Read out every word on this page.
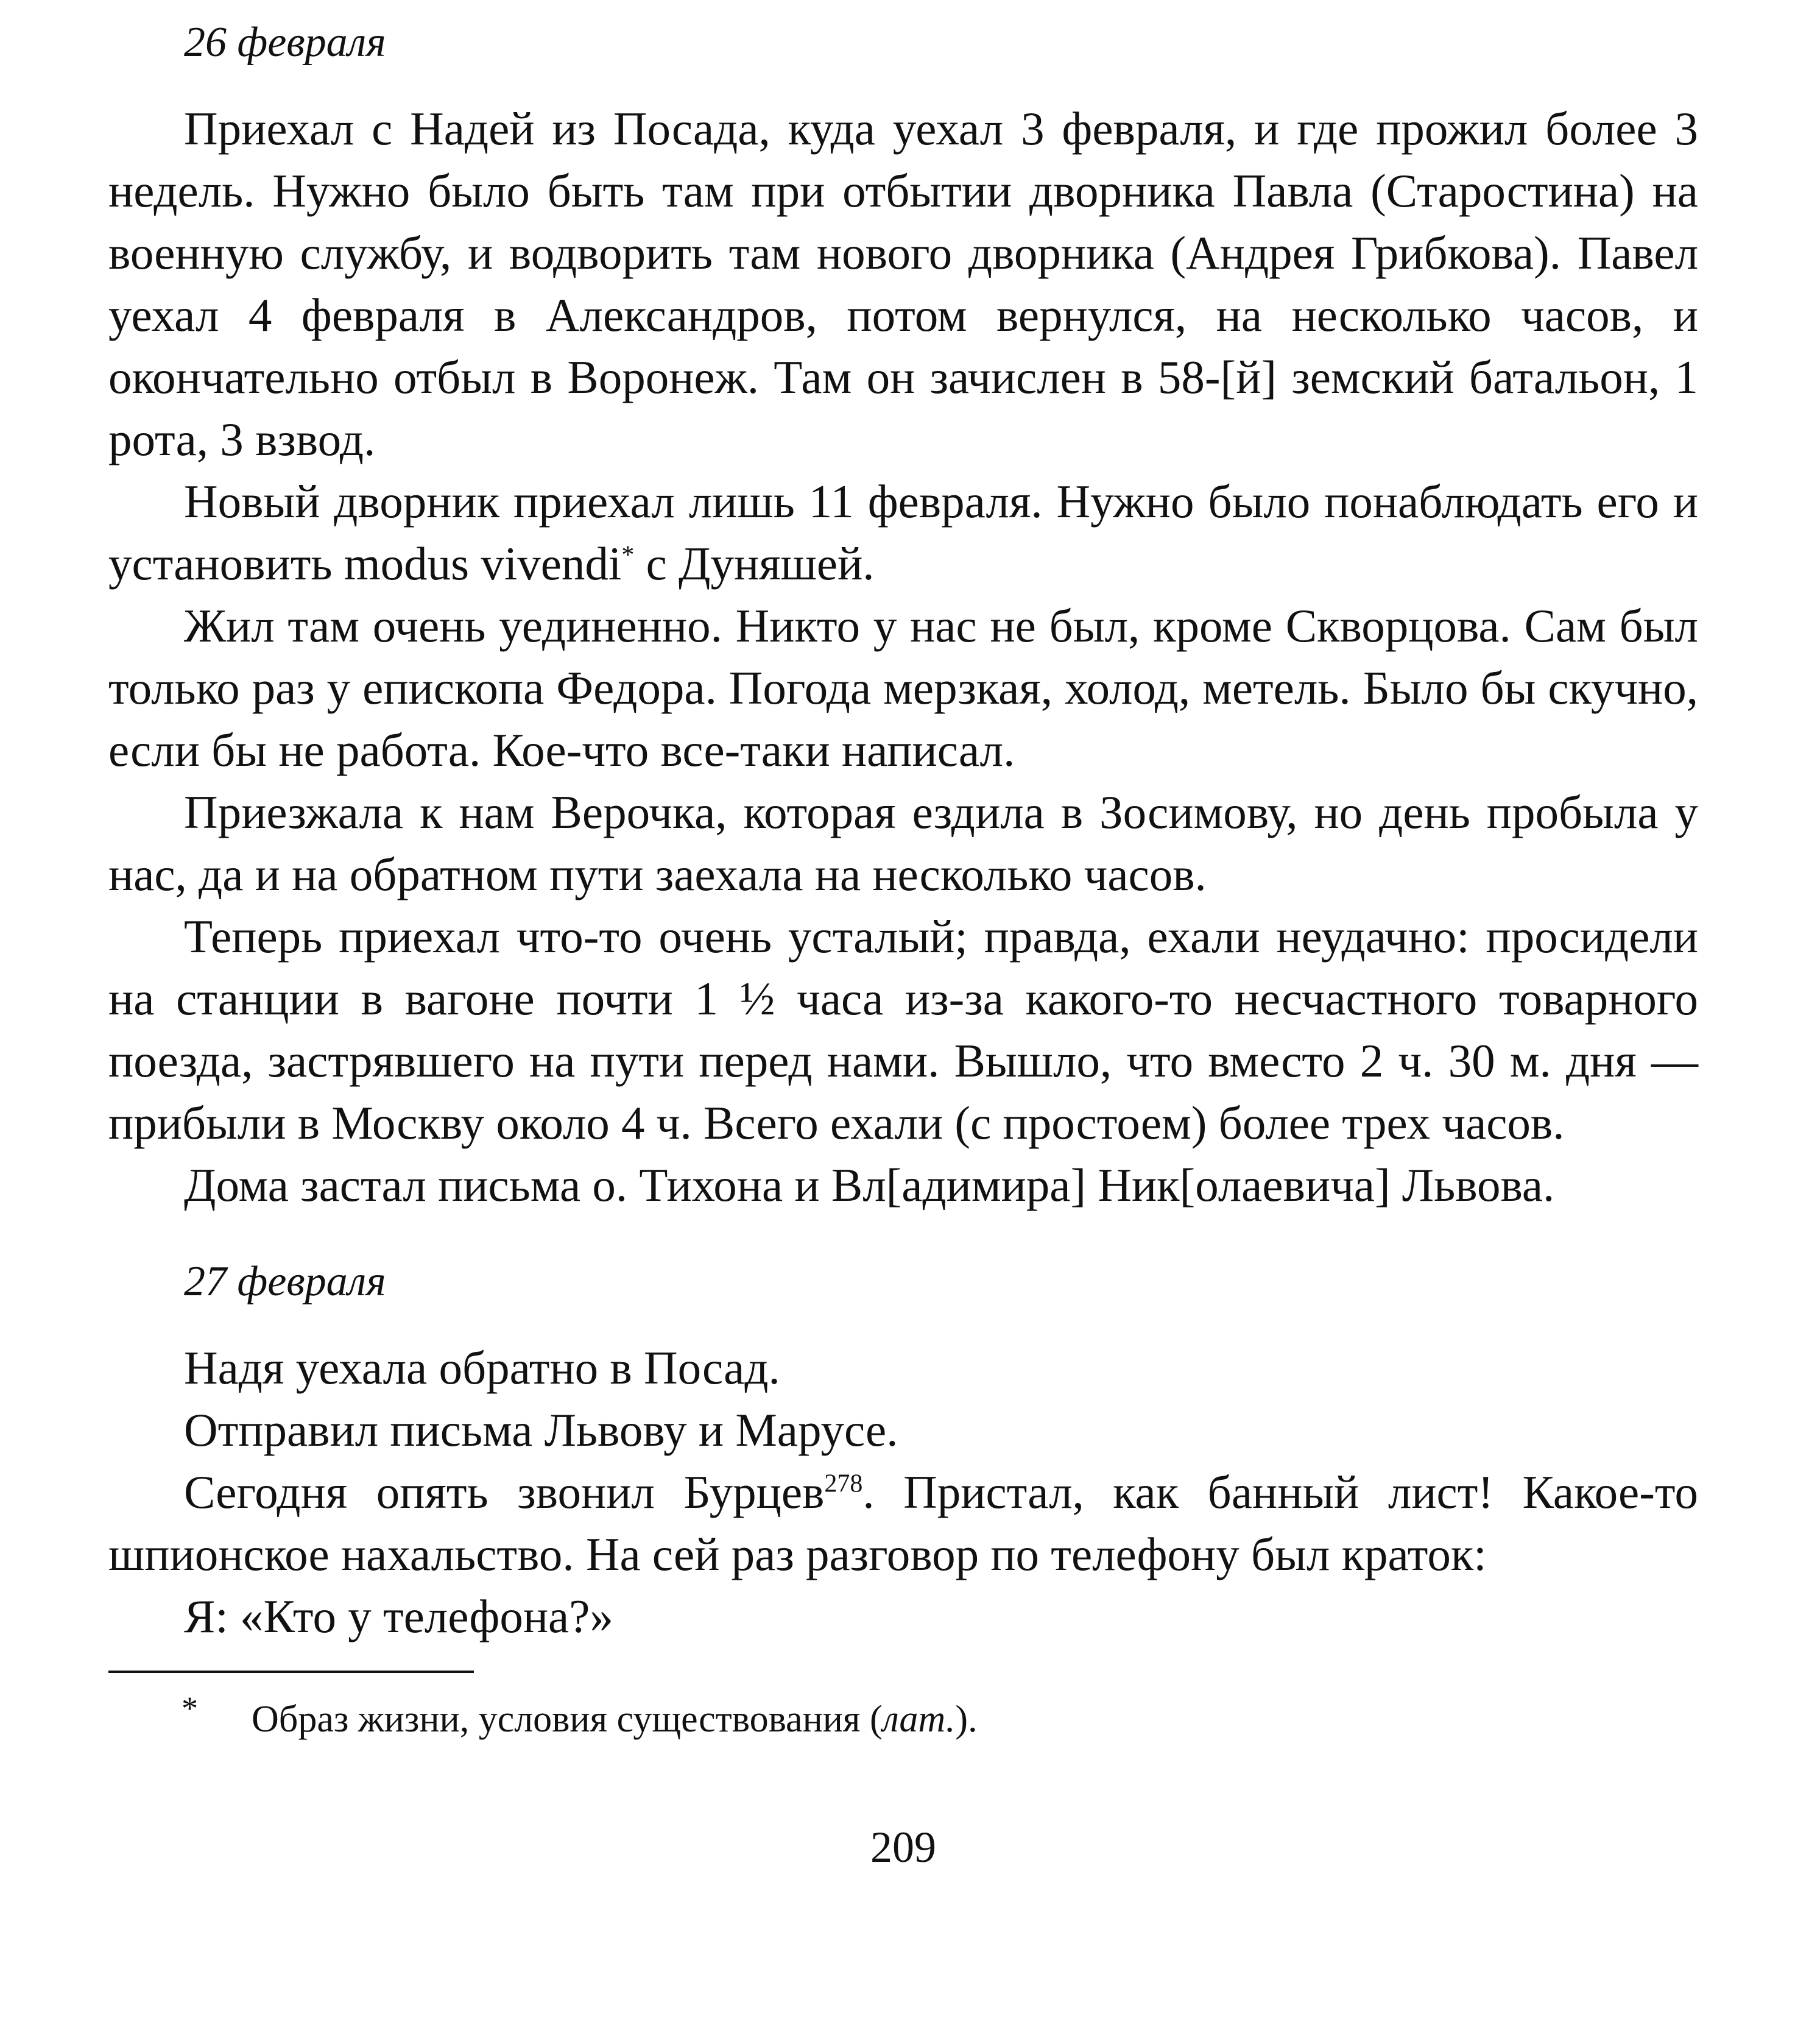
26 февраля

Приехал с Надей из Посада, куда уехал 3 февраля, и где прожил более 3 недель. Нужно было быть там при отбытии дворника Павла (Старостина) на военную службу, и водворить там нового дворника (Андрея Грибкова). Павел уехал 4 февраля в Александров, потом вернулся, на несколько часов, и окончательно отбыл в Воронеж. Там он зачислен в 58-[й] земский батальон, 1 рота, 3 взвод.

Новый дворник приехал лишь 11 февраля. Нужно было понаблюдать его и установить modus vivendi* с Дуняшей.

Жил там очень уединенно. Никто у нас не был, кроме Скворцова. Сам был только раз у епископа Федора. Погода мерзкая, холод, метель. Было бы скучно, если бы не работа. Кое-что все-таки написал.

Приезжала к нам Верочка, которая ездила в Зосимову, но день пробыла у нас, да и на обратном пути заехала на несколько часов.

Теперь приехал что-то очень усталый; правда, ехали неудачно: просидели на станции в вагоне почти 1 ½ часа из-за какого-то несчастного товарного поезда, застрявшего на пути перед нами. Вышло, что вместо 2 ч. 30 м. дня — прибыли в Москву около 4 ч. Всего ехали (с простоем) более трех часов.

Дома застал письма о. Тихона и Вл[адимира] Ник[олаевича] Львова.

27 февраля

Надя уехала обратно в Посад.

Отправил письма Львову и Марусе.

Сегодня опять звонил Бурцев$^{278}$. Пристал, как банный лист! Какое-то шпионское нахальство. На сей раз разговор по телефону был краток:

Я: «Кто у телефона?»

* Образ жизни, условия существования (лат.).
209
